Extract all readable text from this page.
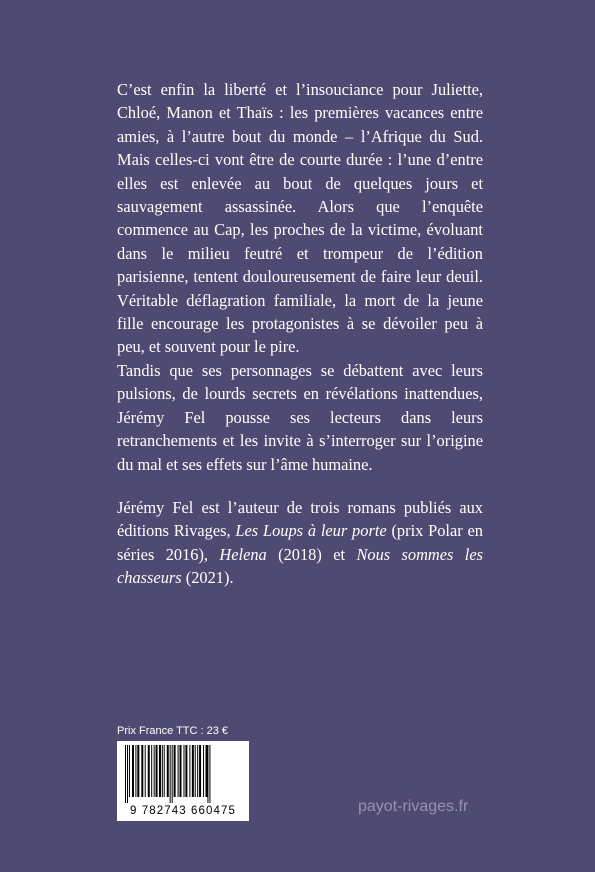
C’est enfin la liberté et l’insouciance pour Juliette, Chloé, Manon et Thaïs : les premières vacances entre amies, à l’autre bout du monde – l’Afrique du Sud. Mais celles-ci vont être de courte durée : l’une d’entre elles est enlevée au bout de quelques jours et sauvagement assassinée. Alors que l’enquête commence au Cap, les proches de la victime, évoluant dans le milieu feutré et trompeur de l’édition parisienne, tentent douloureusement de faire leur deuil. Véritable déflagration familiale, la mort de la jeune fille encourage les protagonistes à se dévoiler peu à peu, et souvent pour le pire.

Tandis que ses personnages se débattent avec leurs pulsions, de lourds secrets en révélations inattendues, Jérémy Fel pousse ses lecteurs dans leurs retranchements et les invite à s’interroger sur l’origine du mal et ses effets sur l’âme humaine.

Jérémy Fel est l’auteur de trois romans publiés aux éditions Rivages, Les Loups à leur porte (prix Polar en séries 2016), Helena (2018) et Nous sommes les chasseurs (2021).

Prix France TTC : 23 €
9 782743 660475	payot-rivages.fr
